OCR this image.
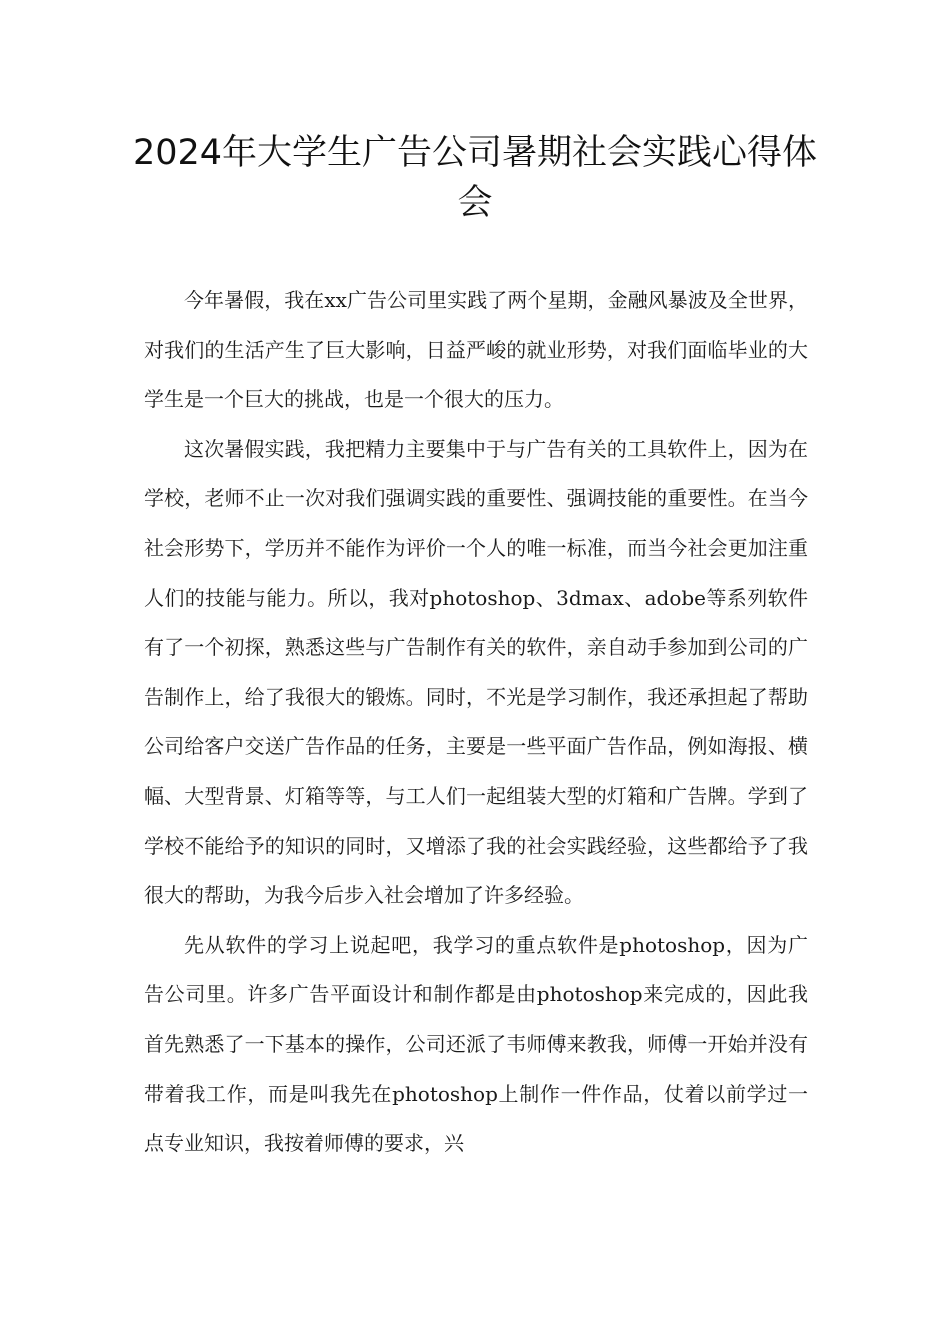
2024年大学生广告公司暑期社会实践心得体会

今年暑假，我在xx广告公司里实践了两个星期，金融风暴波及全世界，对我们的生活产生了巨大影响，日益严峻的就业形势，对我们面临毕业的大学生是一个巨大的挑战，也是一个很大的压力。

这次暑假实践，我把精力主要集中于与广告有关的工具软件上，因为在学校，老师不止一次对我们强调实践的重要性、强调技能的重要性。在当今社会形势下，学历并不能作为评价一个人的唯一标准，而当今社会更加注重人们的技能与能力。所以，我对photoshop、3dmax、adobe等系列软件有了一个初探，熟悉这些与广告制作有关的软件，亲自动手参加到公司的广告制作上，给了我很大的锻炼。同时，不光是学习制作，我还承担起了帮助公司给客户交送广告作品的任务，主要是一些平面广告作品，例如海报、横幅、大型背景、灯箱等等，与工人们一起组装大型的灯箱和广告牌。学到了学校不能给予的知识的同时，又增添了我的社会实践经验，这些都给予了我很大的帮助，为我今后步入社会增加了许多经验。

先从软件的学习上说起吧，我学习的重点软件是photoshop，因为广告公司里。许多广告平面设计和制作都是由photoshop来完成的，因此我首先熟悉了一下基本的操作，公司还派了韦师傅来教我，师傅一开始并没有带着我工作，而是叫我先在photoshop上制作一件作品，仗着以前学过一点专业知识，我按着师傅的要求，兴
